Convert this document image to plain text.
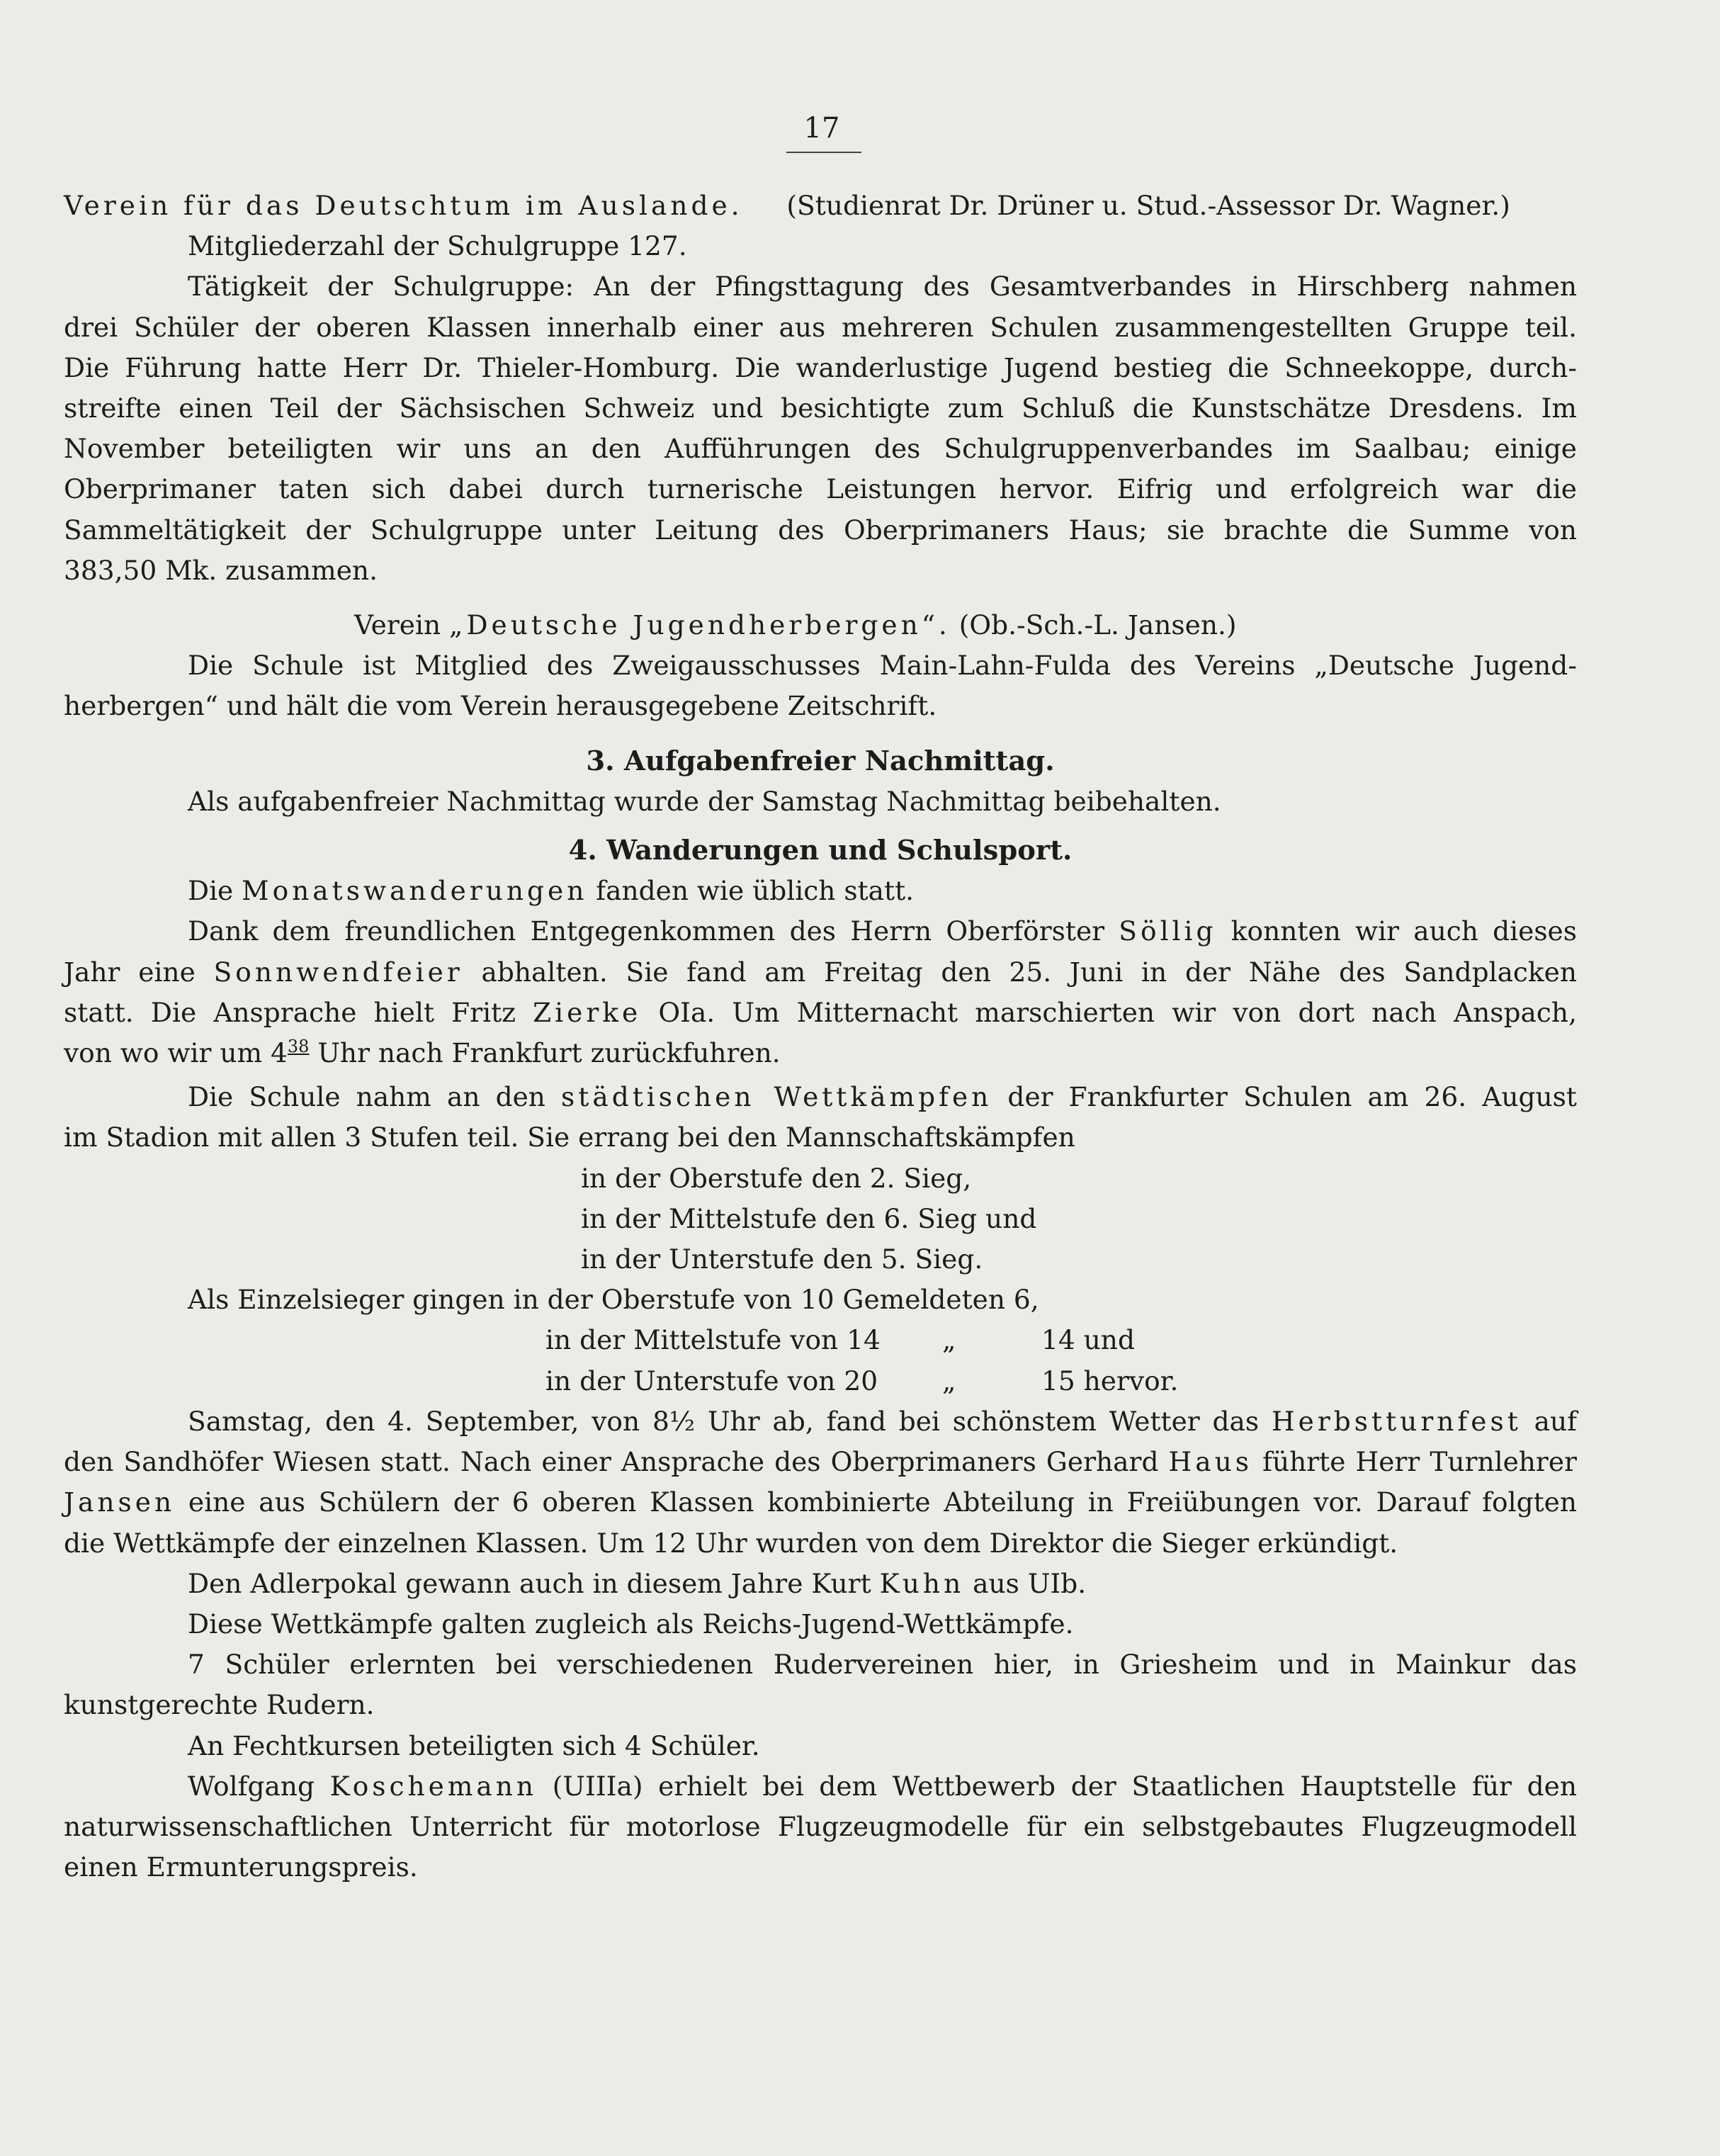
17
Verein für das Deutschtum im Auslande. (Studienrat Dr. Drüner u. Stud.-Assessor Dr. Wagner.)
Mitgliederzahl der Schulgruppe 127.
Tätigkeit der Schulgruppe: An der Pfingsttagung des Gesamtverbandes in Hirschberg nahmen
drei Schüler der oberen Klassen innerhalb einer aus mehreren Schulen zusammengestellten Gruppe teil.
Die Führung hatte Herr Dr. Thieler-Homburg. Die wanderlustige Jugend bestieg die Schneekoppe, durch-
streifte einen Teil der Sächsischen Schweiz und besichtigte zum Schluß die Kunstschätze Dresdens. Im
November beteiligten wir uns an den Aufführungen des Schulgruppenverbandes im Saalbau; einige
Oberprimaner taten sich dabei durch turnerische Leistungen hervor. Eifrig und erfolgreich war die
Sammeltätigkeit der Schulgruppe unter Leitung des Oberprimaners Haus; sie brachte die Summe von
383,50 Mk. zusammen.
Verein „Deutsche Jugendherbergen“. (Ob.-Sch.-L. Jansen.)
Die Schule ist Mitglied des Zweigausschusses Main-Lahn-Fulda des Vereins „Deutsche Jugend-
herbergen“ und hält die vom Verein herausgegebene Zeitschrift.
3. Aufgabenfreier Nachmittag.
Als aufgabenfreier Nachmittag wurde der Samstag Nachmittag beibehalten.
4. Wanderungen und Schulsport.
Die Monatswanderungen fanden wie üblich statt.
Dank dem freundlichen Entgegenkommen des Herrn Oberförster Söllig konnten wir auch dieses
Jahr eine Sonnwendfeier abhalten. Sie fand am Freitag den 25. Juni in der Nähe des Sandplacken
statt. Die Ansprache hielt Fritz Zierke OIa. Um Mitternacht marschierten wir von dort nach Anspach,
von wo wir um $4^{38}$ Uhr nach Frankfurt zurückfuhren.
Die Schule nahm an den städtischen Wettkämpfen der Frankfurter Schulen am 26. August
im Stadion mit allen 3 Stufen teil. Sie errang bei den Mannschaftskämpfen
in der Oberstufe den 2. Sieg,
in der Mittelstufe den 6. Sieg und
in der Unterstufe den 5. Sieg.
Als Einzelsieger gingen in der Oberstufe von 10 Gemeldeten 6,
in der Mittelstufe von 14 „	14 und
in der Unterstufe von 20 „	15 hervor.
Samstag, den 4. September, von 8½ Uhr ab, fand bei schönstem Wetter das Herbstturnfest auf
den Sandhöfer Wiesen statt. Nach einer Ansprache des Oberprimaners Gerhard Haus führte Herr Turnlehrer
Jansen eine aus Schülern der 6 oberen Klassen kombinierte Abteilung in Freiübungen vor. Darauf folgten
die Wettkämpfe der einzelnen Klassen. Um 12 Uhr wurden von dem Direktor die Sieger erkündigt.
Den Adlerpokal gewann auch in diesem Jahre Kurt Kuhn aus UIb.
Diese Wettkämpfe galten zugleich als Reichs-Jugend-Wettkämpfe.
7 Schüler erlernten bei verschiedenen Rudervereinen hier, in Griesheim und in Mainkur das
kunstgerechte Rudern.
An Fechtkursen beteiligten sich 4 Schüler.
Wolfgang Koschemann (UIIIa) erhielt bei dem Wettbewerb der Staatlichen Hauptstelle für den
naturwissenschaftlichen Unterricht für motorlose Flugzeugmodelle für ein selbstgebautes Flugzeugmodell
einen Ermunterungspreis.
